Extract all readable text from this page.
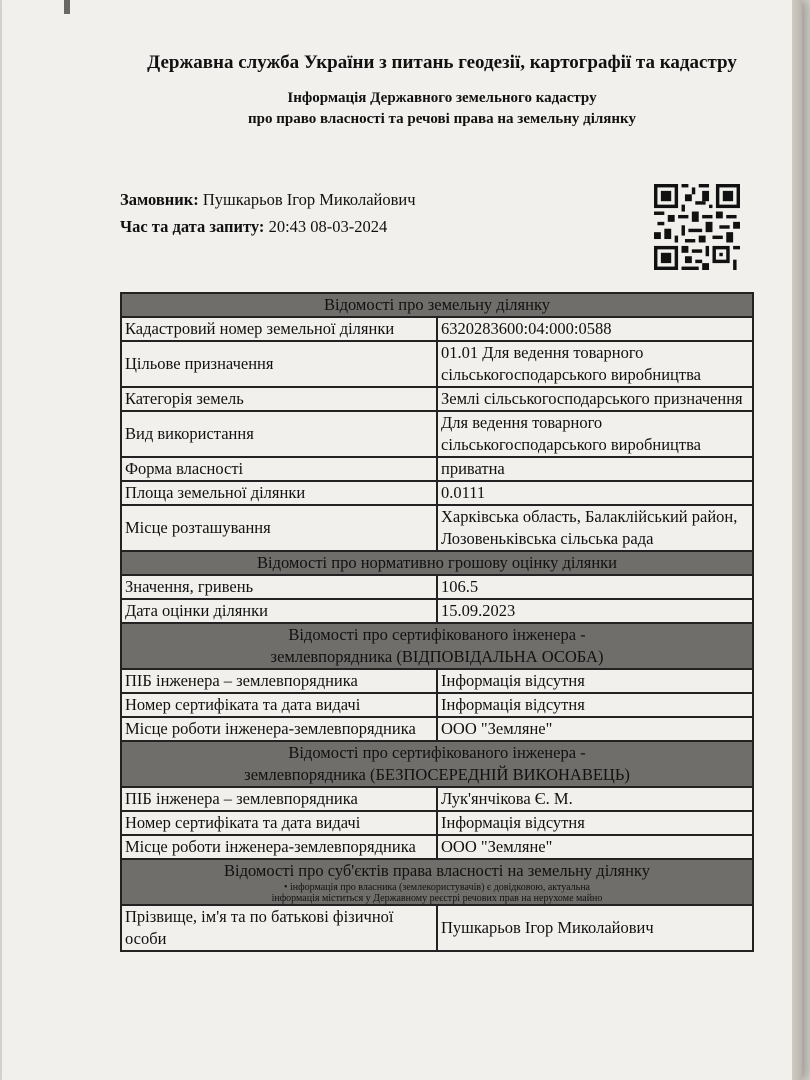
Державна служба України з питань геодезії, картографії та кадастру
Інформація Державного земельного кадастру
про право власності та речові права на земельну ділянку
Замовник: Пушкарьов Ігор Миколайович
Час та дата запиту: 20:43 08-03-2024
Відомості про земельну ділянку	
Кадастровий номер земельної ділянки	6320283600:04:000:0588
Цільове призначення	01.01 Для ведення товарного сільськогосподарського виробництва
Категорія земель	Землі сільськогосподарського призначення
Вид використання	Для ведення товарного сільськогосподарського виробництва
Форма власності	приватна
Площа земельної ділянки	0.0111
Місце розташування	Харківська область, Балаклійський район, Лозовеньківська сільська рада
Відомості про нормативно грошову оцінку ділянки	
Значення, гривень	106.5
Дата оцінки ділянки	15.09.2023

Відомості про сертифікованого інженера -
землевпорядника (ВІДПОВІДАЛЬНА ОСОБА)	

ПІБ інженера – землевпорядника	Інформація відсутня
Номер сертифіката та дата видачі	Інформація відсутня
Місце роботи інженера-землевпорядника	ООО "Земляне"

Відомості про сертифікованого інженера -
землевпорядника (БЕЗПОСЕРЕДНІЙ ВИКОНАВЕЦЬ)	

ПІБ інженера – землевпорядника	Лук'янчікова Є. М.
Номер сертифіката та дата видачі	Інформація відсутня
Місце роботи інженера-землевпорядника	ООО "Земляне"

Відомості про суб'єктів права власності на земельну ділянку
• інформація про власника (землекористувачів) є довідковою, актуальна
інформація міститься у Державному реєстрі речових прав на нерухоме майно	

Прізвище, ім'я та по батькові фізичної особи	Пушкарьов Ігор Миколайович
